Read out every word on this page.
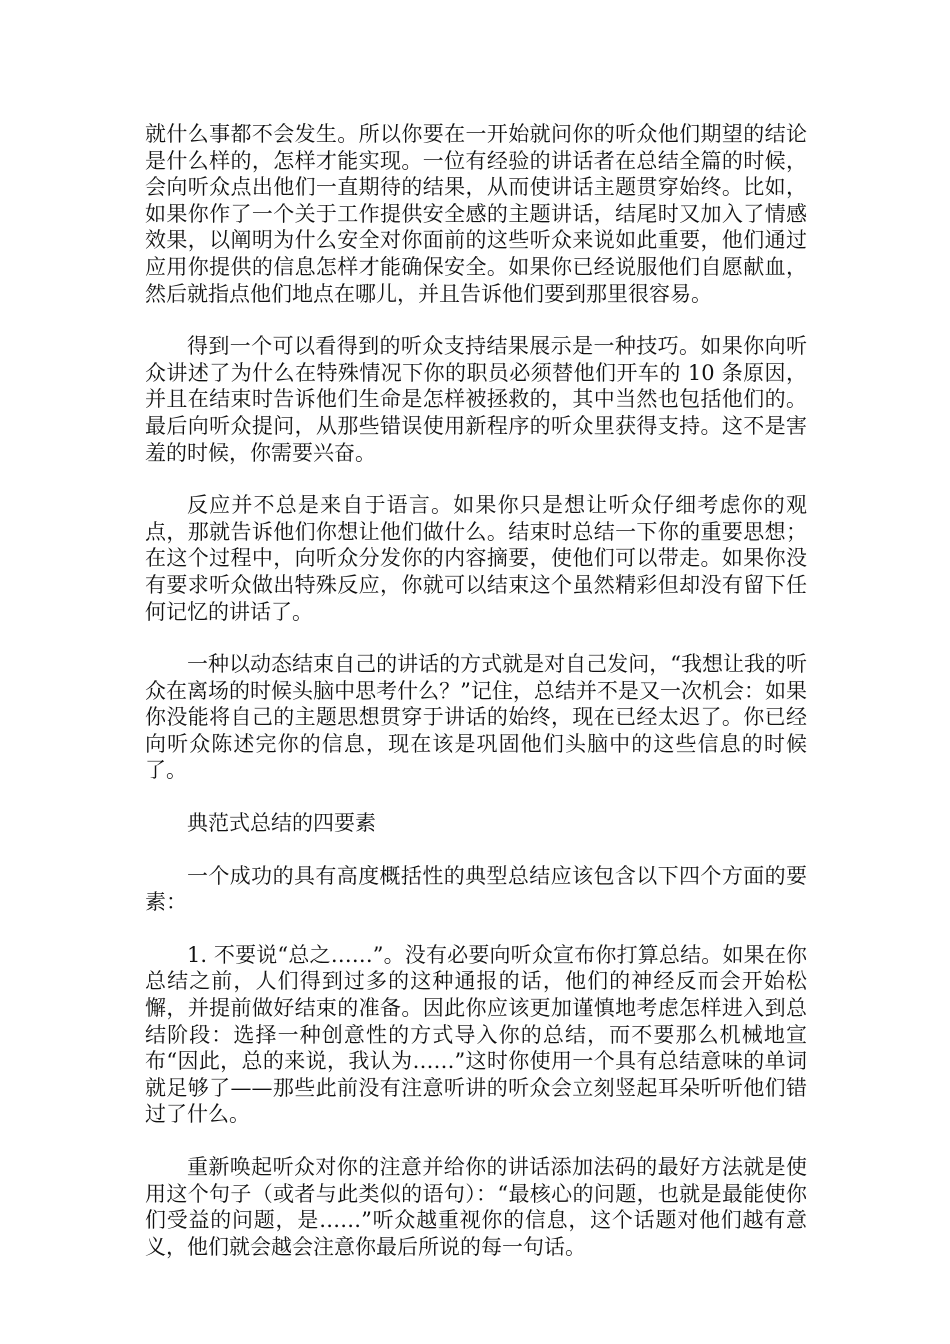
就什么事都不会发生。所以你要在一开始就问你的听众他们期望的结论是什么样的，怎样才能实现。一位有经验的讲话者在总结全篇的时候，会向听众点出他们一直期待的结果，从而使讲话主题贯穿始终。比如，如果你作了一个关于工作提供安全感的主题讲话，结尾时又加入了情感效果，以阐明为什么安全对你面前的这些听众来说如此重要，他们通过应用你提供的信息怎样才能确保安全。如果你已经说服他们自愿献血，然后就指点他们地点在哪儿，并且告诉他们要到那里很容易。

得到一个可以看得到的听众支持结果展示是一种技巧。如果你向听众讲述了为什么在特殊情况下你的职员必须替他们开车的 10 条原因，并且在结束时告诉他们生命是怎样被拯救的，其中当然也包括他们的。最后向听众提问，从那些错误使用新程序的听众里获得支持。这不是害羞的时候，你需要兴奋。

反应并不总是来自于语言。如果你只是想让听众仔细考虑你的观点，那就告诉他们你想让他们做什么。结束时总结一下你的重要思想；在这个过程中，向听众分发你的内容摘要，使他们可以带走。如果你没有要求听众做出特殊反应，你就可以结束这个虽然精彩但却没有留下任何记忆的讲话了。

一种以动态结束自己的讲话的方式就是对自己发问，“我想让我的听众在离场的时候头脑中思考什么？”记住，总结并不是又一次机会：如果你没能将自己的主题思想贯穿于讲话的始终，现在已经太迟了。你已经向听众陈述完你的信息，现在该是巩固他们头脑中的这些信息的时候了。

典范式总结的四要素

一个成功的具有高度概括性的典型总结应该包含以下四个方面的要素：

1. 不要说“总之……”。没有必要向听众宣布你打算总结。如果在你总结之前，人们得到过多的这种通报的话，他们的神经反而会开始松懈，并提前做好结束的准备。因此你应该更加谨慎地考虑怎样进入到总结阶段：选择一种创意性的方式导入你的总结，而不要那么机械地宣布“因此，总的来说，我认为……”这时你使用一个具有总结意味的单词就足够了——那些此前没有注意听讲的听众会立刻竖起耳朵听听他们错过了什么。

重新唤起听众对你的注意并给你的讲话添加法码的最好方法就是使用这个句子（或者与此类似的语句）：“最核心的问题，也就是最能使你们受益的问题，是……”听众越重视你的信息，这个话题对他们越有意义，他们就会越会注意你最后所说的每一句话。
